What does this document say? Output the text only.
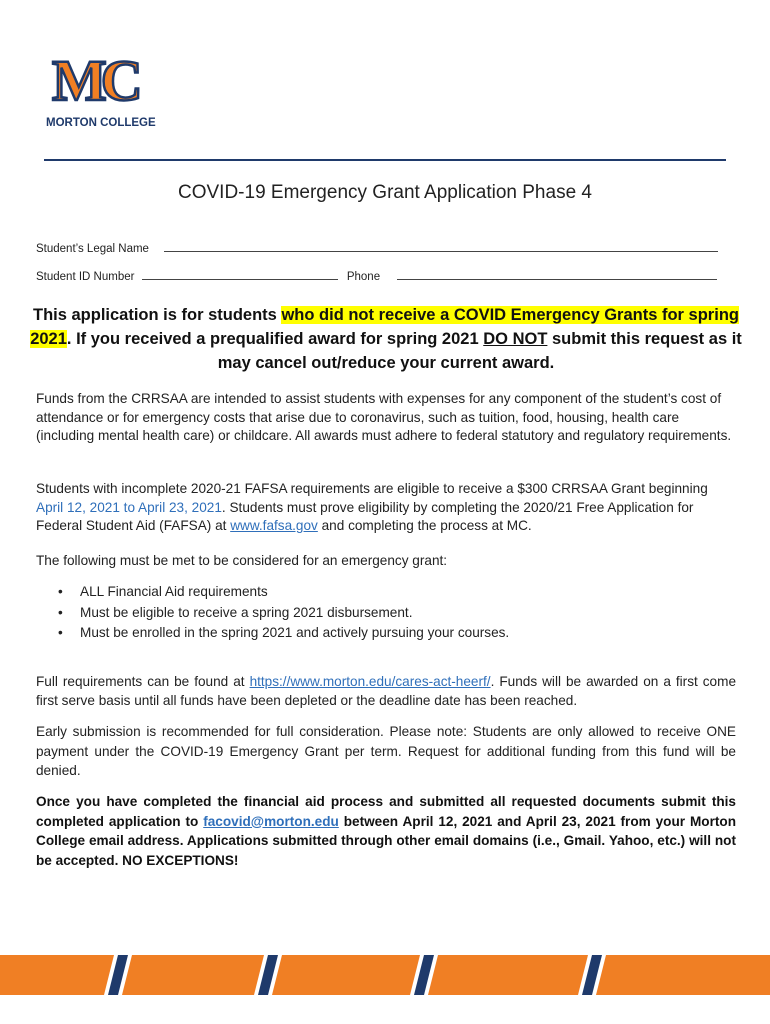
MC
MORTON COLLEGE
COVID-19 Emergency Grant Application Phase 4
Student’s Legal Name
Student ID Number	Phone
This application is for students who did not receive a COVID Emergency Grants for spring 2021. If you received a prequalified award for spring 2021 DO NOT submit this request as it may cancel out/reduce your current award.
Funds from the CRRSAA are intended to assist students with expenses for any component of the student’s cost of attendance or for emergency costs that arise due to coronavirus, such as tuition, food, housing, health care (including mental health care) or childcare. All awards must adhere to federal statutory and regulatory requirements.
Students with incomplete 2020-21 FAFSA requirements are eligible to receive a $300 CRRSAA Grant beginning April 12, 2021 to April 23, 2021. Students must prove eligibility by completing the 2020/21 Free Application for Federal Student Aid (FAFSA) at www.fafsa.gov and completing the process at MC.
The following must be met to be considered for an emergency grant:
• ALL Financial Aid requirements
• Must be eligible to receive a spring 2021 disbursement.
• Must be enrolled in the spring 2021 and actively pursuing your courses.
Full requirements can be found at https://www.morton.edu/cares-act-heerf/. Funds will be awarded on a first come first serve basis until all funds have been depleted or the deadline date has been reached.
Early submission is recommended for full consideration. Please note: Students are only allowed to receive ONE payment under the COVID-19 Emergency Grant per term. Request for additional funding from this fund will be denied.
Once you have completed the financial aid process and submitted all requested documents submit this completed application to facovid@morton.edu between April 12, 2021 and April 23, 2021 from your Morton College email address. Applications submitted through other email domains (i.e., Gmail. Yahoo, etc.) will not be accepted. NO EXCEPTIONS!
